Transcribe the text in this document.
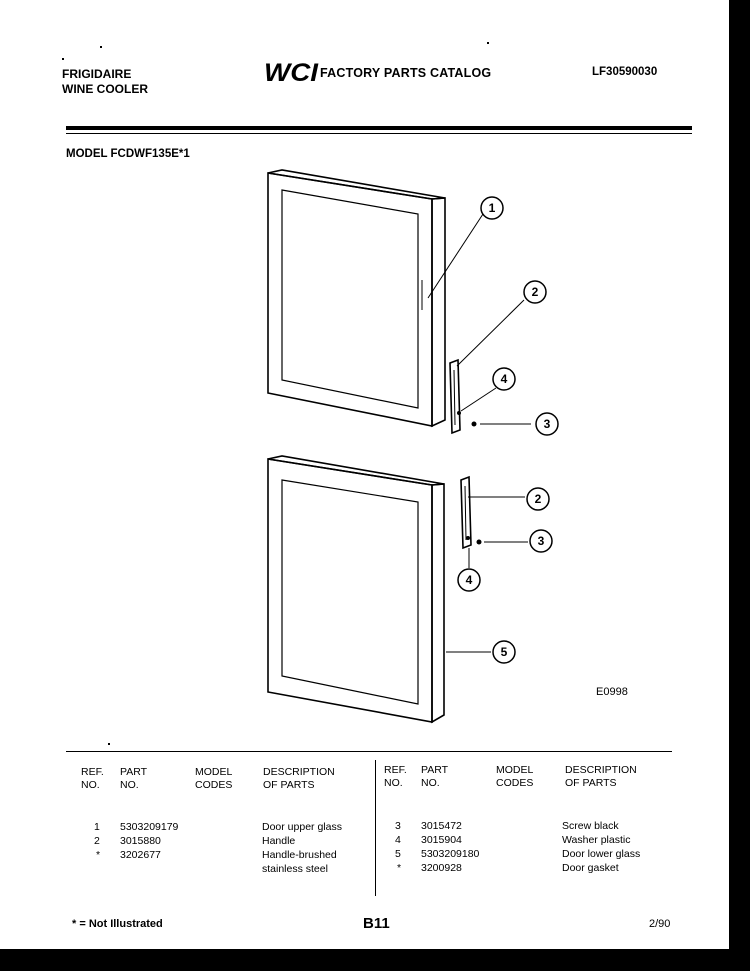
FRIGIDAIRE
WINE COOLER
WCI FACTORY PARTS CATALOG	LF30590030
MODEL FCDWF135E*1
1
2
3
4
2
3
4
5
E0998
REF.
NO.
PART
NO.
MODEL
CODES
DESCRIPTION
OF PARTS
REF.
NO.
PART
NO.
MODEL
CODES
DESCRIPTION
OF PARTS
1 5303209179	Door upper glass
2 3015880	Handle
* 3202677	Handle-brushed
stainless steel
3 3015472	Screw black
4 3015904	Washer plastic
5 5303209180	Door lower glass
* 3200928	Door gasket
* = Not Illustrated	B11	2/90
